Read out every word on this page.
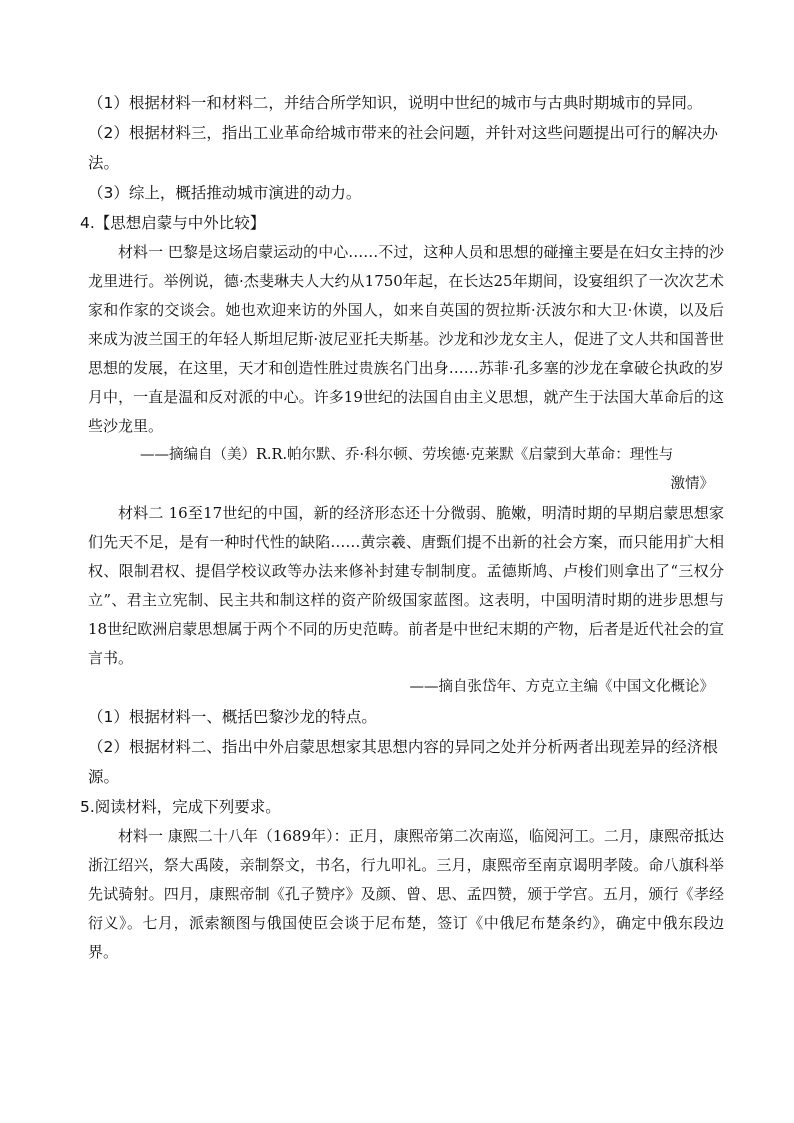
（1）根据材料一和材料二，并结合所学知识，说明中世纪的城市与古典时期城市的异同。

（2）根据材料三，指出工业革命给城市带来的社会问题，并针对这些问题提出可行的解决办法。

（3）综上，概括推动城市演进的动力。

4.【思想启蒙与中外比较】

材料一 巴黎是这场启蒙运动的中心……不过，这种人员和思想的碰撞主要是在妇女主持的沙龙里进行。举例说，德·杰斐琳夫人大约从1750年起，在长达25年期间，设宴组织了一次次艺术家和作家的交谈会。她也欢迎来访的外国人，如来自英国的贺拉斯·沃波尔和大卫·休谟，以及后来成为波兰国王的年轻人斯坦尼斯·波尼亚托夫斯基。沙龙和沙龙女主人，促进了文人共和国普世思想的发展，在这里，天才和创造性胜过贵族名门出身……苏菲·孔多塞的沙龙在拿破仑执政的岁月中，一直是温和反对派的中心。许多19世纪的法国自由主义思想，就产生于法国大革命后的这些沙龙里。

——摘编自（美）R.R.帕尔默、乔·科尔顿、劳埃德·克莱默《启蒙到大革命：理性与

激情》

材料二 16至17世纪的中国，新的经济形态还十分微弱、脆嫩，明清时期的早期启蒙思想家们先天不足，是有一种时代性的缺陷……黄宗羲、唐甄们提不出新的社会方案，而只能用扩大相权、限制君权、提倡学校议政等办法来修补封建专制制度。孟德斯鸠、卢梭们则拿出了“三权分立”、君主立宪制、民主共和制这样的资产阶级国家蓝图。这表明，中国明清时期的进步思想与18世纪欧洲启蒙思想属于两个不同的历史范畴。前者是中世纪末期的产物，后者是近代社会的宣言书。

——摘自张岱年、方克立主编《中国文化概论》

（1）根据材料一、概括巴黎沙龙的特点。

（2）根据材料二、指出中外启蒙思想家其思想内容的异同之处并分析两者出现差异的经济根源。

5.阅读材料，完成下列要求。

材料一 康熙二十八年（1689年）：正月，康熙帝第二次南巡，临阅河工。二月，康熙帝抵达浙江绍兴，祭大禹陵，亲制祭文，书名，行九叩礼。三月，康熙帝至南京谒明孝陵。命八旗科举先试骑射。四月，康熙帝制《孔子赞序》及颜、曾、思、孟四赞，颁于学宫。五月，颁行《孝经衍义》。七月，派索额图与俄国使臣会谈于尼布楚，签订《中俄尼布楚条约》，确定中俄东段边界。
